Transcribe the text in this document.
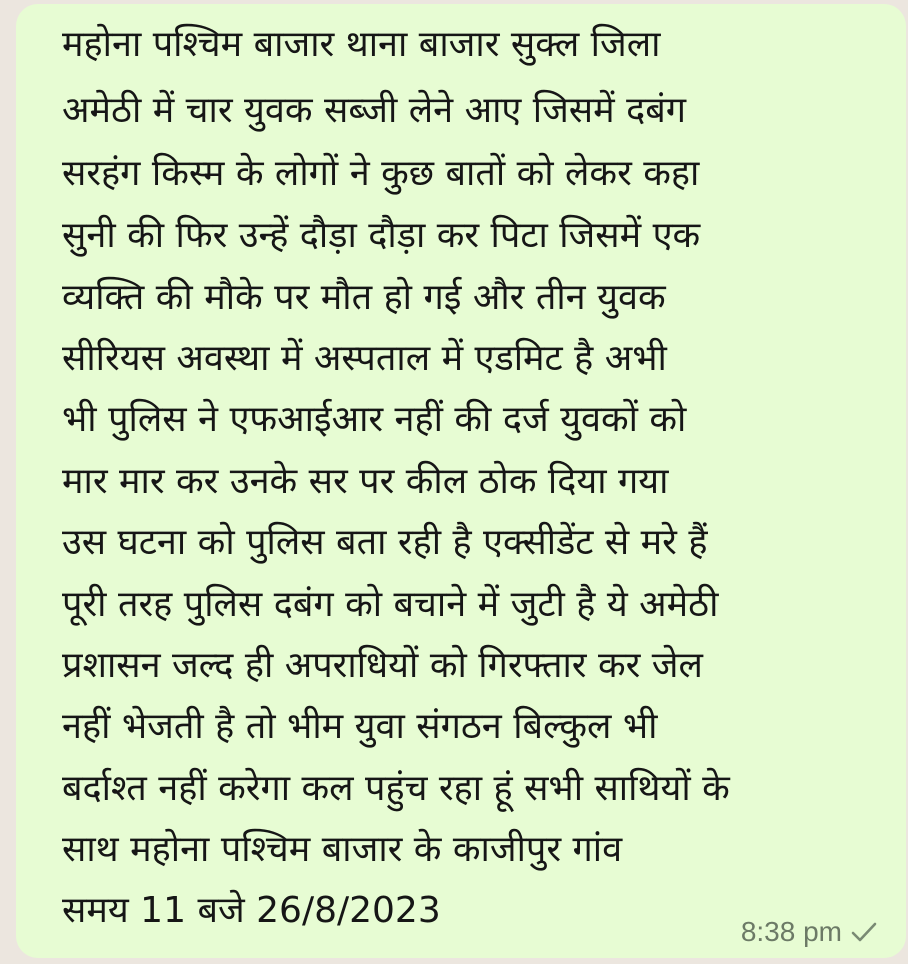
महोना पश्चिम बाजार थाना बाजार सुक्ल जिला
अमेठी में चार युवक सब्जी लेने आए जिसमें दबंग
सरहंग किस्म के लोगों ने कुछ बातों को लेकर कहा
सुनी की फिर उन्हें दौड़ा दौड़ा कर पिटा जिसमें एक
व्यक्ति की मौके पर मौत हो गई और तीन युवक
सीरियस अवस्था में अस्पताल में एडमिट है अभी
भी पुलिस ने एफआईआर नहीं की दर्ज युवकों को
मार मार कर उनके सर पर कील ठोक दिया गया
उस घटना को पुलिस बता रही है एक्सीडेंट से मरे हैं
पूरी तरह पुलिस दबंग को बचाने में जुटी है ये अमेठी
प्रशासन जल्द ही अपराधियों को गिरफ्तार कर जेल
नहीं भेजती है तो भीम युवा संगठन बिल्कुल भी
बर्दाश्त नहीं करेगा कल पहुंच रहा हूं सभी साथियों के
साथ महोना पश्चिम बाजार के काजीपुर गांव
समय 11 बजे 26/8/2023
8:38 pm
